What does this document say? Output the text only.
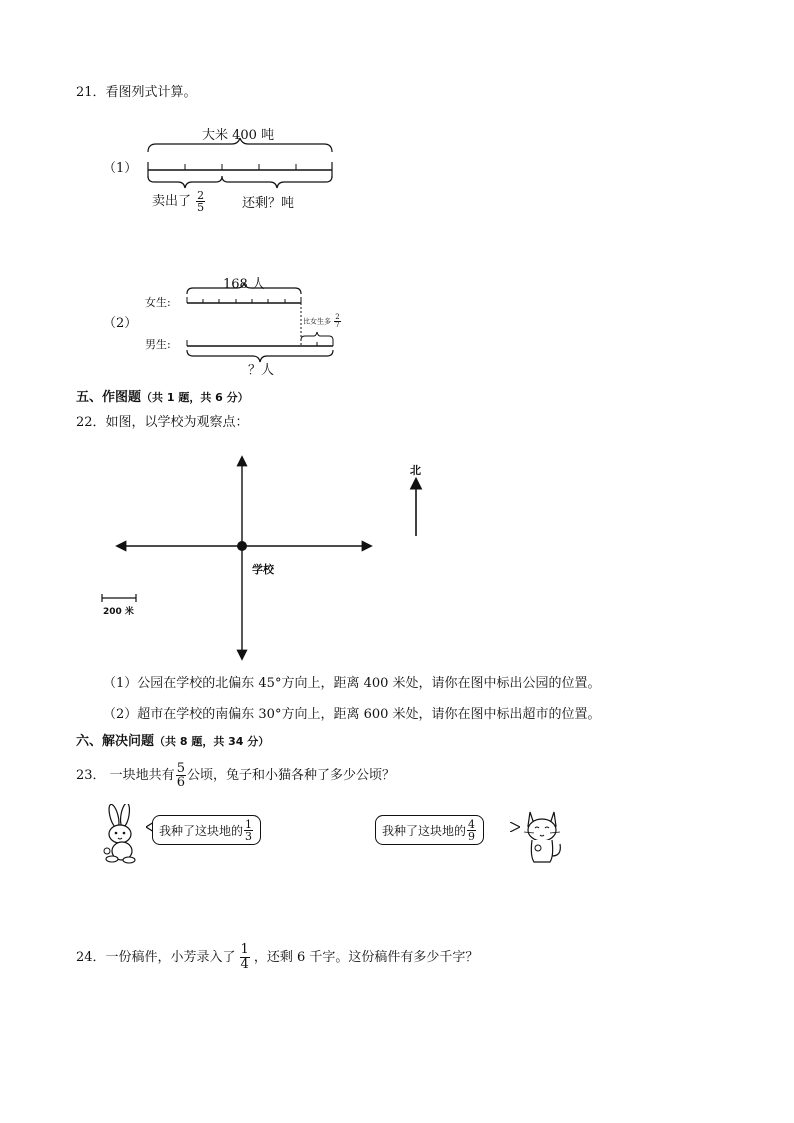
21．看图列式计算。
（1）
大米 400 吨
卖出了 $\frac{2}{5}$	还剩？吨
（2）
168 人
女生:
男生:
比女生多 $\frac{2}{7}$
？人
五、作图题（共 1 题，共 6 分）
22．如图，以学校为观察点：
北
学校
200 米
（1）公园在学校的北偏东 45°方向上，距离 400 米处，请你在图中标出公园的位置。
（2）超市在学校的南偏东 30°方向上，距离 600 米处，请你在图中标出超市的位置。
六、解决问题（共 8 题，共 34 分）
23． 一块地共有 $\frac{5}{6}$ 公顷，兔子和小猫各种了多少公顷？
我种了这块地的 $\frac{1}{3}$	我种了这块地的 $\frac{4}{9}$
24．一份稿件，小芳录入了 $\frac{1}{4}$ ，还剩 6 千字。这份稿件有多少千字？
